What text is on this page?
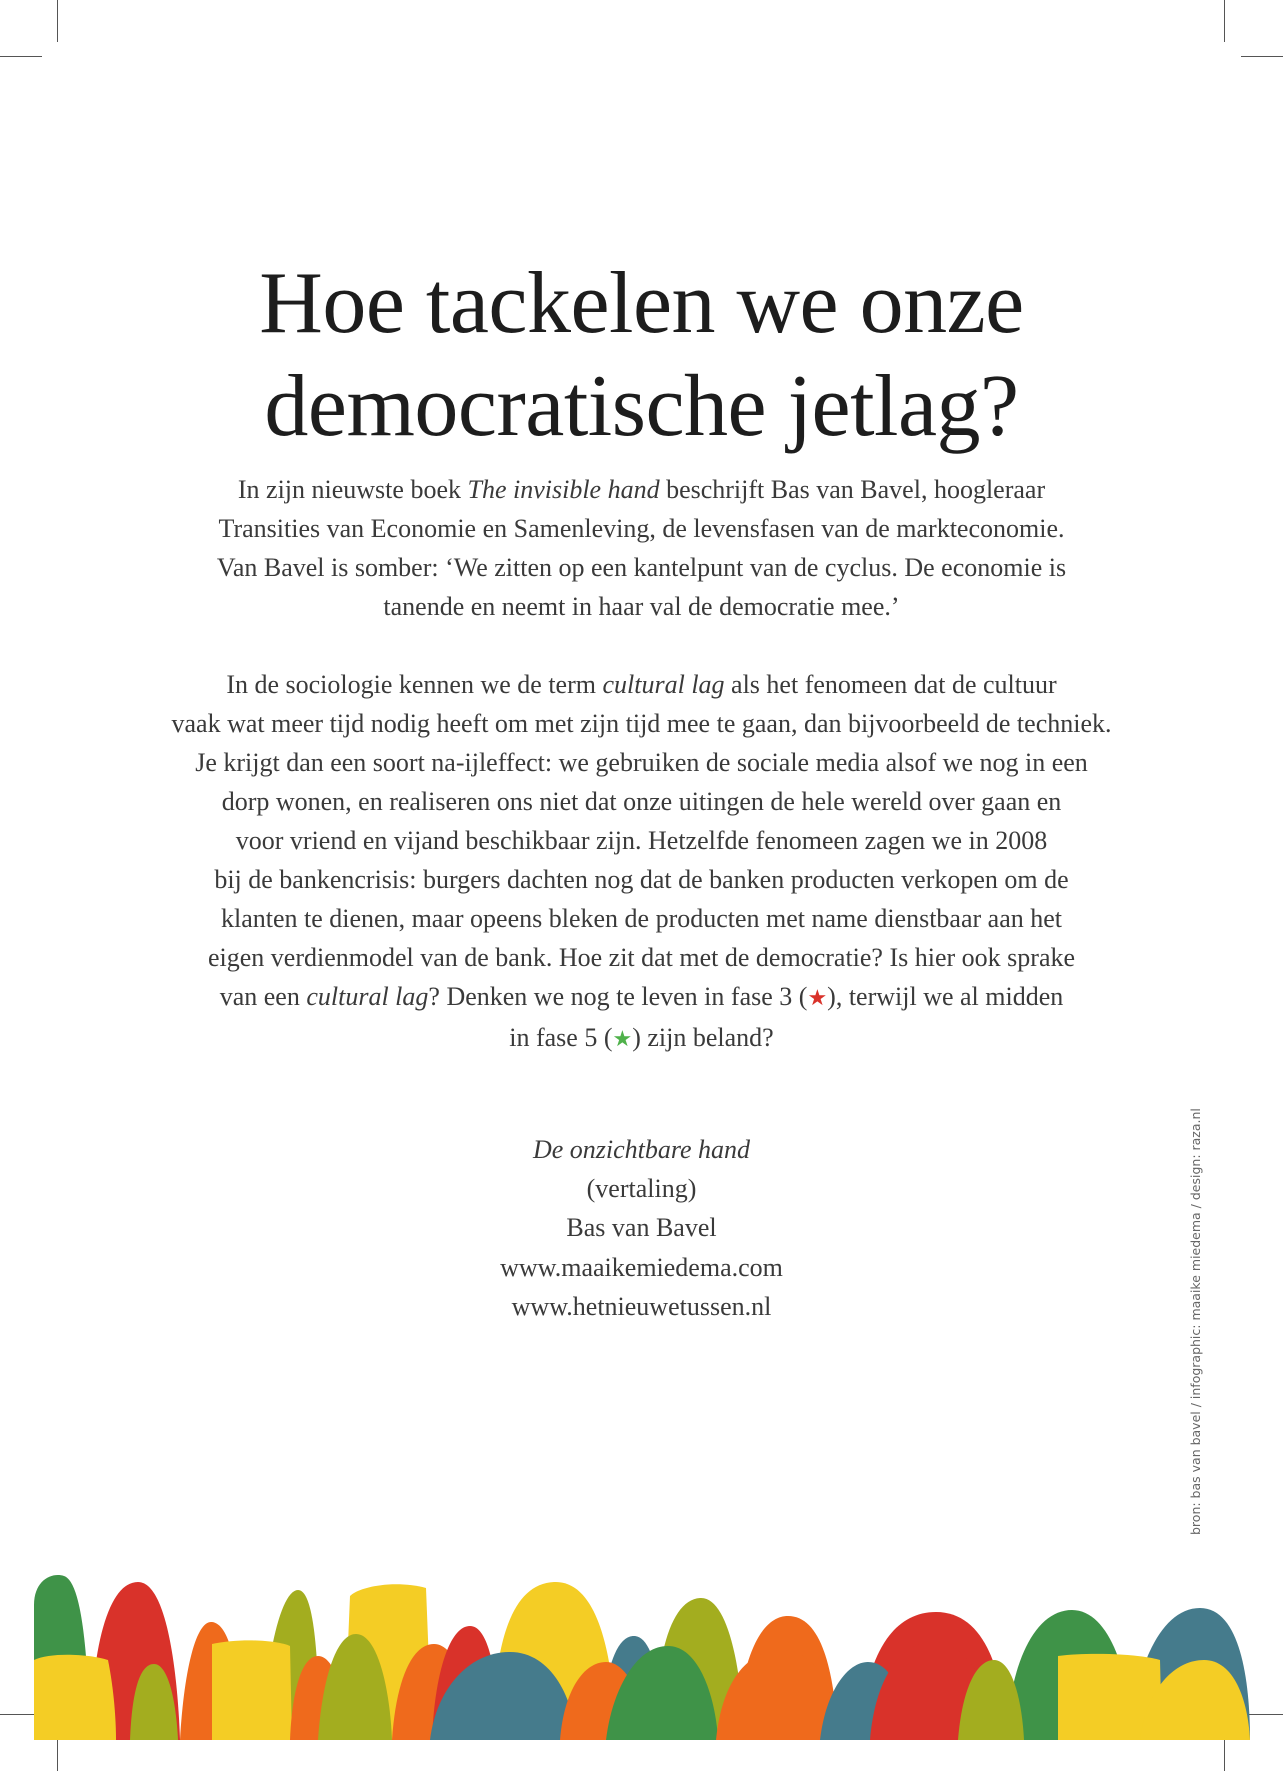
Hoe tackelen we onze
democratische jetlag?
In zijn nieuwste boek The invisible hand beschrijft Bas van Bavel, hoogleraar
Transities van Economie en Samenleving, de levensfasen van de markteconomie.
Van Bavel is somber: ‘We zitten op een kantelpunt van de cyclus. De economie is
tanende en neemt in haar val de democratie mee.’
In de sociologie kennen we de term cultural lag als het fenomeen dat de cultuur
vaak wat meer tijd nodig heeft om met zijn tijd mee te gaan, dan bijvoorbeeld de techniek.
Je krijgt dan een soort na-ijleffect: we gebruiken de sociale media alsof we nog in een
dorp wonen, en realiseren ons niet dat onze uitingen de hele wereld over gaan en
voor vriend en vijand beschikbaar zijn. Hetzelfde fenomeen zagen we in 2008
bij de bankencrisis: burgers dachten nog dat de banken producten verkopen om de
klanten te dienen, maar opeens bleken de producten met name dienstbaar aan het
eigen verdienmodel van de bank. Hoe zit dat met de democratie? Is hier ook sprake
van een cultural lag? Denken we nog te leven in fase 3 (★), terwijl we al midden
in fase 5 (★) zijn beland?
De onzichtbare hand
(vertaling)
Bas van Bavel
www.maaikemiedema.com
www.hetnieuwetussen.nl	bron: bas van bavel / infographic: maaike miedema / design: raza.nl
